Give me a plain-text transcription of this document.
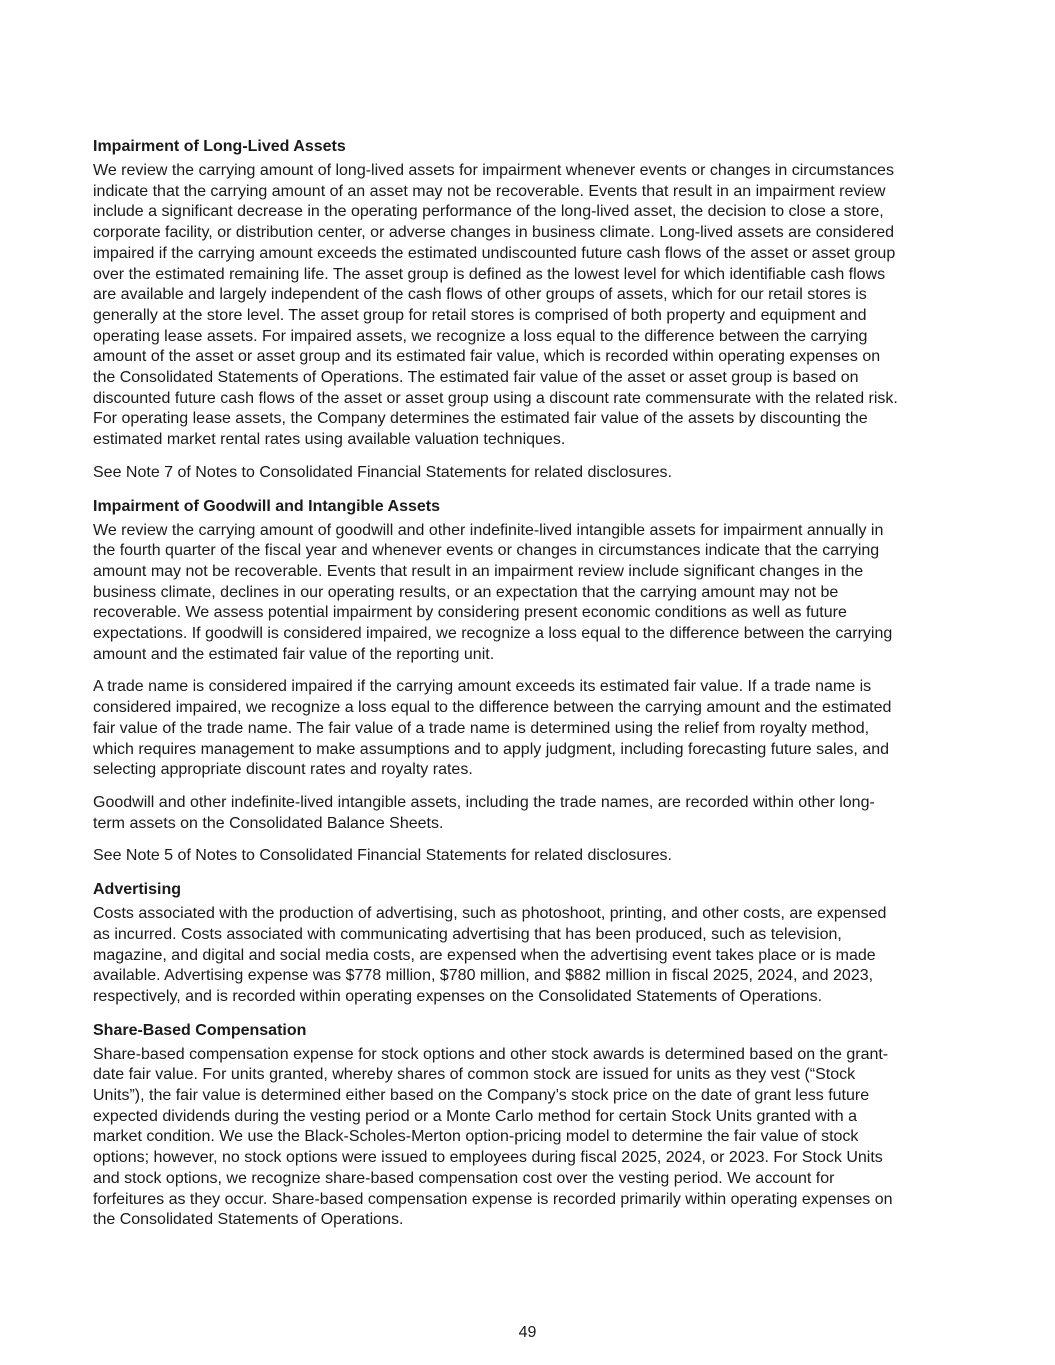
Impairment of Long-Lived Assets
We review the carrying amount of long-lived assets for impairment whenever events or changes in circumstances
indicate that the carrying amount of an asset may not be recoverable. Events that result in an impairment review
include a significant decrease in the operating performance of the long-lived asset, the decision to close a store,
corporate facility, or distribution center, or adverse changes in business climate. Long-lived assets are considered
impaired if the carrying amount exceeds the estimated undiscounted future cash flows of the asset or asset group
over the estimated remaining life. The asset group is defined as the lowest level for which identifiable cash flows
are available and largely independent of the cash flows of other groups of assets, which for our retail stores is
generally at the store level. The asset group for retail stores is comprised of both property and equipment and
operating lease assets. For impaired assets, we recognize a loss equal to the difference between the carrying
amount of the asset or asset group and its estimated fair value, which is recorded within operating expenses on
the Consolidated Statements of Operations. The estimated fair value of the asset or asset group is based on
discounted future cash flows of the asset or asset group using a discount rate commensurate with the related risk.
For operating lease assets, the Company determines the estimated fair value of the assets by discounting the
estimated market rental rates using available valuation techniques.
See Note 7 of Notes to Consolidated Financial Statements for related disclosures.
Impairment of Goodwill and Intangible Assets
We review the carrying amount of goodwill and other indefinite-lived intangible assets for impairment annually in
the fourth quarter of the fiscal year and whenever events or changes in circumstances indicate that the carrying
amount may not be recoverable. Events that result in an impairment review include significant changes in the
business climate, declines in our operating results, or an expectation that the carrying amount may not be
recoverable. We assess potential impairment by considering present economic conditions as well as future
expectations. If goodwill is considered impaired, we recognize a loss equal to the difference between the carrying
amount and the estimated fair value of the reporting unit.
A trade name is considered impaired if the carrying amount exceeds its estimated fair value. If a trade name is
considered impaired, we recognize a loss equal to the difference between the carrying amount and the estimated
fair value of the trade name. The fair value of a trade name is determined using the relief from royalty method,
which requires management to make assumptions and to apply judgment, including forecasting future sales, and
selecting appropriate discount rates and royalty rates.
Goodwill and other indefinite-lived intangible assets, including the trade names, are recorded within other long-
term assets on the Consolidated Balance Sheets.
See Note 5 of Notes to Consolidated Financial Statements for related disclosures.
Advertising
Costs associated with the production of advertising, such as photoshoot, printing, and other costs, are expensed
as incurred. Costs associated with communicating advertising that has been produced, such as television,
magazine, and digital and social media costs, are expensed when the advertising event takes place or is made
available. Advertising expense was $778 million, $780 million, and $882 million in fiscal 2025, 2024, and 2023,
respectively, and is recorded within operating expenses on the Consolidated Statements of Operations.
Share-Based Compensation
Share-based compensation expense for stock options and other stock awards is determined based on the grant-
date fair value. For units granted, whereby shares of common stock are issued for units as they vest (“Stock
Units”), the fair value is determined either based on the Company’s stock price on the date of grant less future
expected dividends during the vesting period or a Monte Carlo method for certain Stock Units granted with a
market condition. We use the Black-Scholes-Merton option-pricing model to determine the fair value of stock
options; however, no stock options were issued to employees during fiscal 2025, 2024, or 2023. For Stock Units
and stock options, we recognize share-based compensation cost over the vesting period. We account for
forfeitures as they occur. Share-based compensation expense is recorded primarily within operating expenses on
the Consolidated Statements of Operations.
49
